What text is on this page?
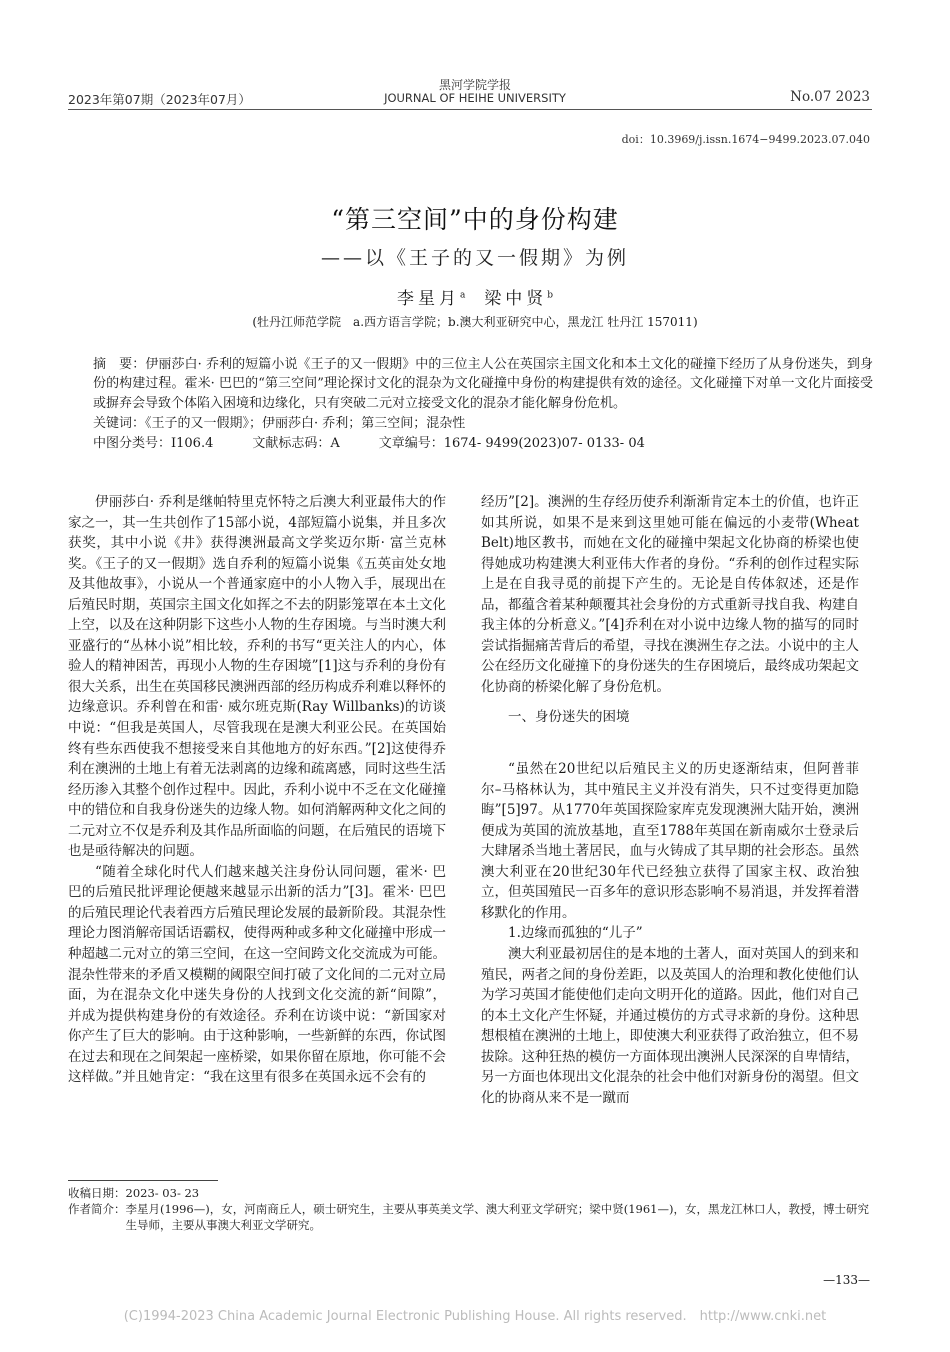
2023年第07期（2023年07月）
黑河学院学报
JOURNAL OF HEIHE UNIVERSITY	No.07 2023
doi：10.3969/j.issn.1674−9499.2023.07.040
“第三空间”中的身份构建
——以《王子的又一假期》为例
李星月$^a$ 梁中贤$^b$
(牡丹江师范学院　a.西方语言学院；b.澳大利亚研究中心，黑龙江 牡丹江 157011)
摘　要：伊丽莎白· 乔利的短篇小说《王子的又一假期》中的三位主人公在英国宗主国文化和本土文化的碰撞下经历了从身份迷失，到身份的构建过程。霍米· 巴巴的“第三空间”理论探讨文化的混杂为文化碰撞中身份的构建提供有效的途径。文化碰撞下对单一文化片面接受或摒弃会导致个体陷入困境和边缘化，只有突破二元对立接受文化的混杂才能化解身份危机。
关键词：《王子的又一假期》；伊丽莎白· 乔利；第三空间；混杂性
中图分类号：I106.4　　　文献标志码：A　　　文章编号：1674- 9499(2023)07- 0133- 04

伊丽莎白· 乔利是继帕特里克怀特之后澳大利亚最伟大的作家之一，其一生共创作了15部小说，4部短篇小说集，并且多次获奖，其中小说《井》获得澳洲最高文学奖迈尔斯· 富兰克林奖。《王子的又一假期》选自乔利的短篇小说集《五英亩处女地及其他故事》，小说从一个普通家庭中的小人物入手，展现出在后殖民时期，英国宗主国文化如挥之不去的阴影笼罩在本土文化上空，以及在这种阴影下这些小人物的生存困境。与当时澳大利亚盛行的“丛林小说”相比较，乔利的书写“更关注人的内心，体验人的精神困苦，再现小人物的生存困境”[1]这与乔利的身份有很大关系，出生在英国移民澳洲西部的经历构成乔利难以释怀的边缘意识。乔利曾在和雷· 威尔班克斯(Ray Willbanks)的访谈中说：“但我是英国人，尽管我现在是澳大利亚公民。在英国始终有些东西使我不想接受来自其他地方的好东西。”[2]这使得乔利在澳洲的土地上有着无法剥离的边缘和疏离感，同时这些生活经历渗入其整个创作过程中。因此，乔利小说中不乏在文化碰撞中的错位和自我身份迷失的边缘人物。如何消解两种文化之间的二元对立不仅是乔利及其作品所面临的问题，在后殖民的语境下也是亟待解决的问题。

“随着全球化时代人们越来越关注身份认同问题，霍米· 巴巴的后殖民批评理论便越来越显示出新的活力”[3]。霍米· 巴巴的后殖民理论代表着西方后殖民理论发展的最新阶段。其混杂性理论力图消解帝国话语霸权，使得两种或多种文化碰撞中形成一种超越二元对立的第三空间，在这一空间跨文化交流成为可能。混杂性带来的矛盾又模糊的阈限空间打破了文化间的二元对立局面，为在混杂文化中迷失身份的人找到文化交流的新“间隙”，并成为提供构建身份的有效途径。乔利在访谈中说：“新国家对你产生了巨大的影响。由于这种影响，一些新鲜的东西，你试图在过去和现在之间架起一座桥梁，如果你留在原地，你可能不会这样做。”并且她肯定：“我在这里有很多在英国永远不会有的

经历”[2]。澳洲的生存经历使乔利渐渐肯定本土的价值，也许正如其所说，如果不是来到这里她可能在偏远的小麦带(Wheat Belt)地区教书，而她在文化的碰撞中架起文化协商的桥梁也使得她成功构建澳大利亚伟大作者的身份。“乔利的创作过程实际上是在自我寻觅的前提下产生的。无论是自传体叙述，还是作品，都蕴含着某种颠覆其社会身份的方式重新寻找自我、构建自我主体的分析意义。”[4]乔利在对小说中边缘人物的描写的同时尝试指掘痛苦背后的希望，寻找在澳洲生存之法。小说中的主人公在经历文化碰撞下的身份迷失的生存困境后，最终成功架起文化协商的桥梁化解了身份危机。

一、身份迷失的困境

“虽然在20世纪以后殖民主义的历史逐渐结束，但阿普菲尔–马格林认为，其中殖民主义并没有消失，只不过变得更加隐晦”[5]97。从1770年英国探险家库克发现澳洲大陆开始，澳洲便成为英国的流放基地，直至1788年英国在新南威尔士登录后大肆屠杀当地土著居民，血与火铸成了其早期的社会形态。虽然澳大利亚在20世纪30年代已经独立获得了国家主权、政治独立，但英国殖民一百多年的意识形态影响不易消退，并发挥着潜移默化的作用。

1.边缘而孤独的“儿子”

澳大利亚最初居住的是本地的土著人，面对英国人的到来和殖民，两者之间的身份差距，以及英国人的治理和教化使他们认为学习英国才能使他们走向文明开化的道路。因此，他们对自己的本土文化产生怀疑，并通过模仿的方式寻求新的身份。这种思想根植在澳洲的土地上，即使澳大利亚获得了政治独立，但不易拔除。这种狂热的模仿一方面体现出澳洲人民深深的自卑情结，另一方面也体现出文化混杂的社会中他们对新身份的渴望。但文化的协商从来不是一蹴而

收稿日期： 2023- 03- 23
作者简介： 李星月(1996—)，女，河南商丘人，硕士研究生，主要从事英美文学、澳大利亚文学研究；梁中贤(1961—)，女，黑龙江林口人，教授，博士研究生导师，主要从事澳大利亚文学研究。
—133—
(C)1994-2023 China Academic Journal Electronic Publishing House. All rights reserved.　http://www.cnki.net
